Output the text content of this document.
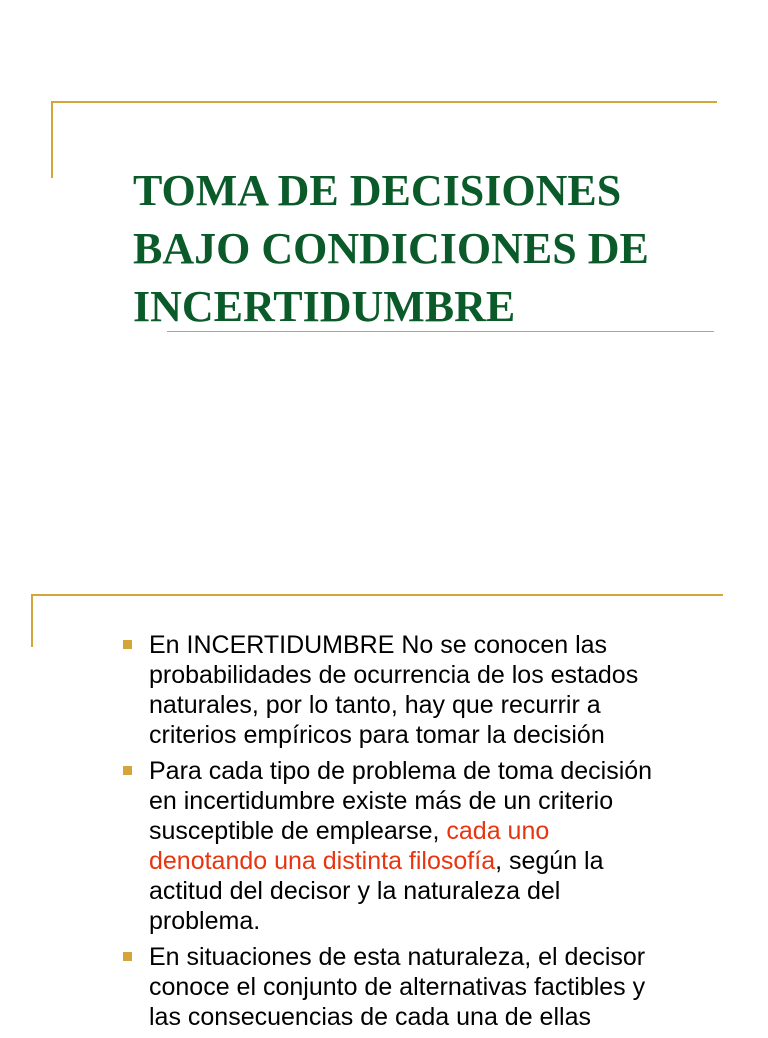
TOMA DE DECISIONES
BAJO CONDICIONES DE
INCERTIDUMBRE
En INCERTIDUMBRE No se conocen las
probabilidades de ocurrencia de los estados
naturales, por lo tanto, hay que recurrir a
criterios empíricos para tomar la decisión
Para cada tipo de problema de toma decisión
en incertidumbre existe más de un criterio
susceptible de emplearse, cada uno
denotando una distinta filosofía, según la
actitud del decisor y la naturaleza del
problema.
En situaciones de esta naturaleza, el decisor
conoce el conjunto de alternativas factibles y
las consecuencias de cada una de ellas
